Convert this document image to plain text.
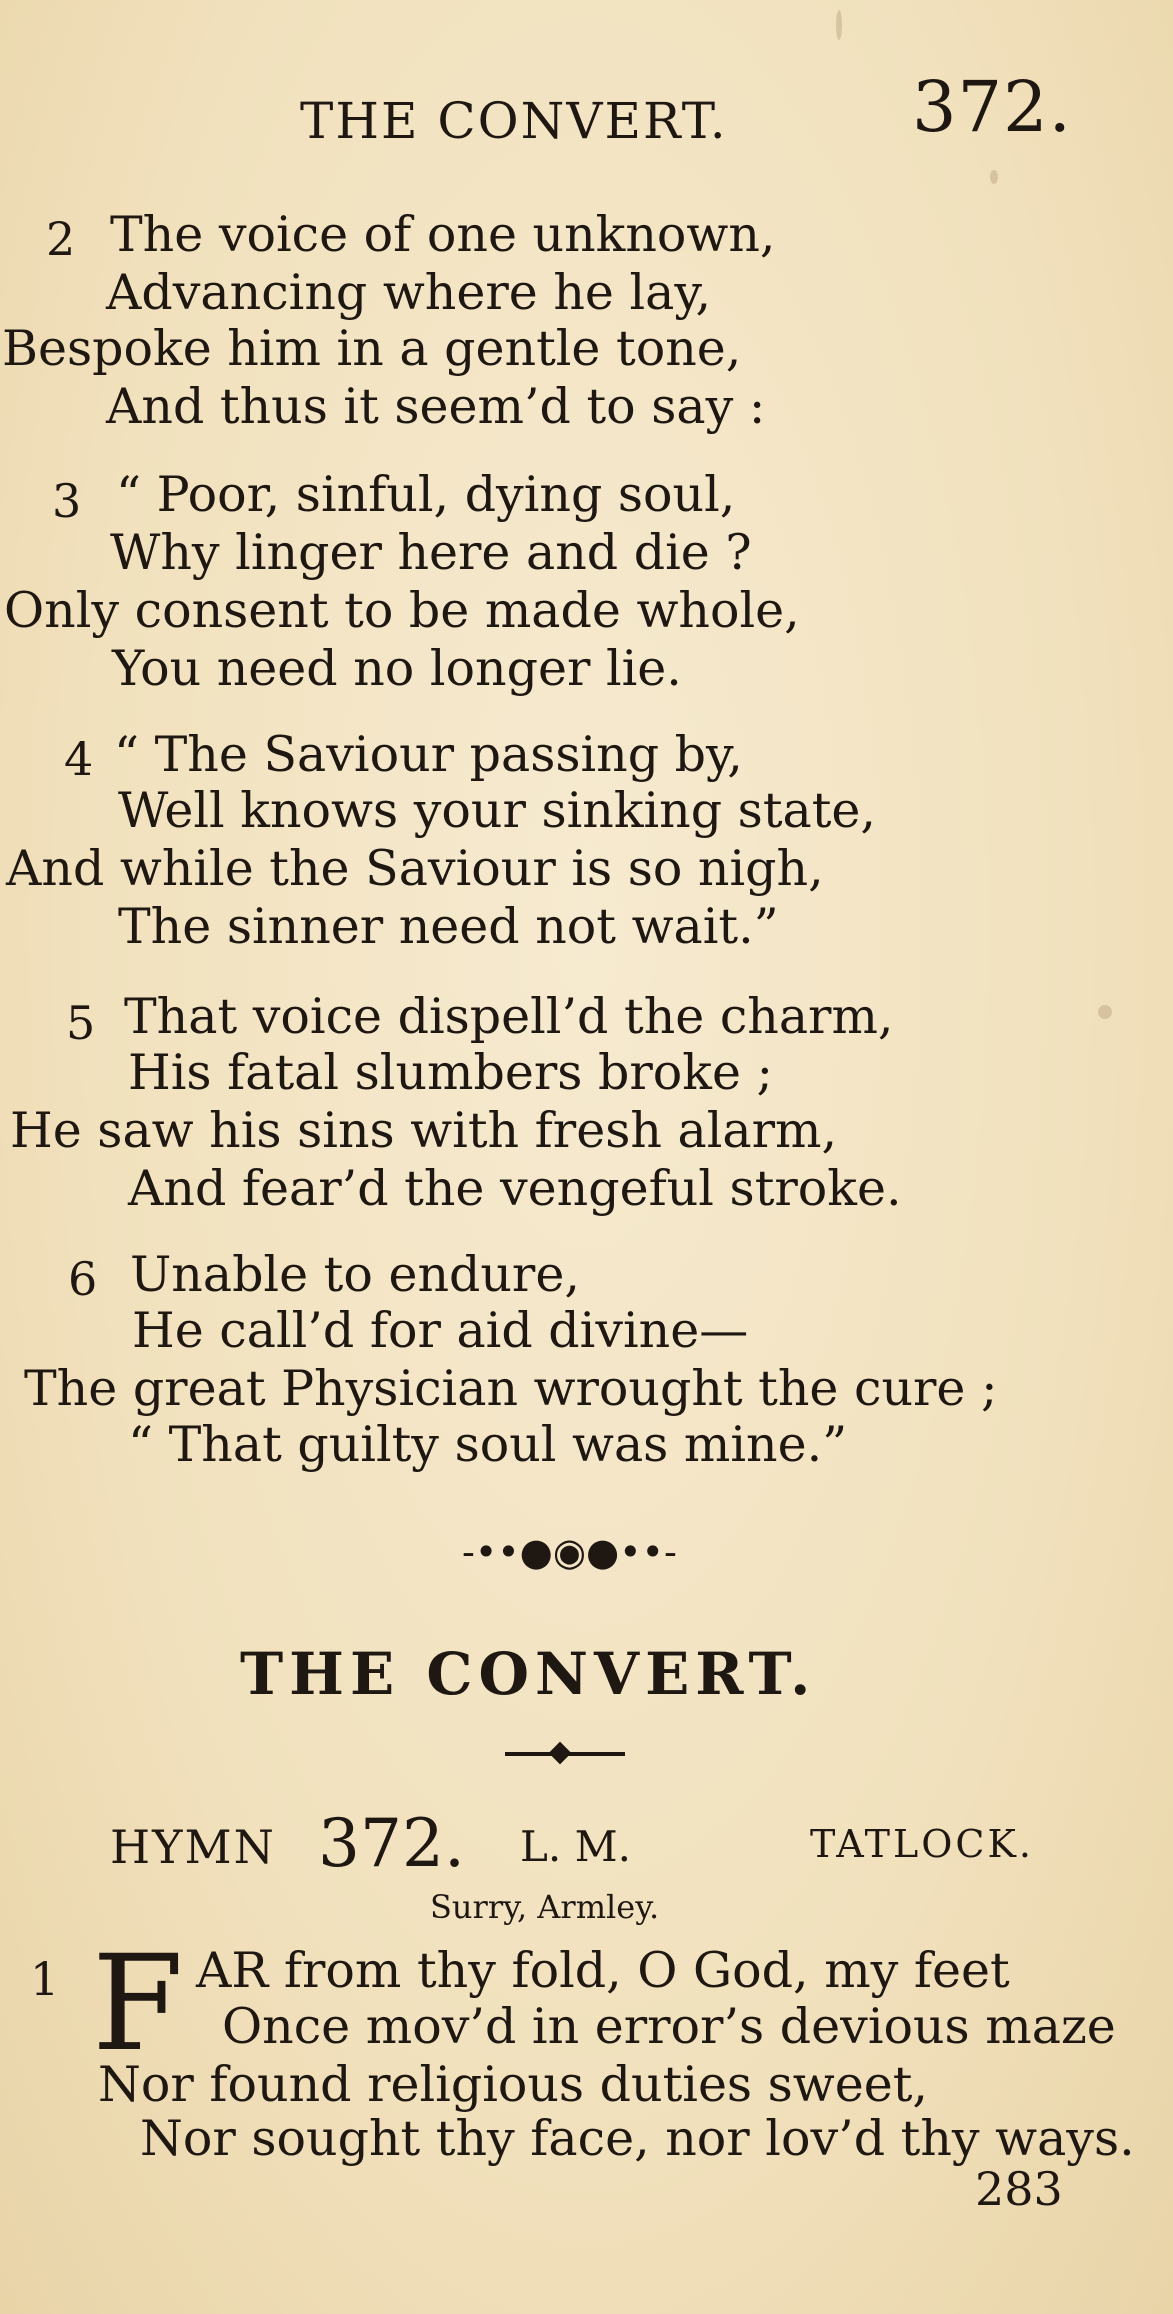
THE CONVERT.	372.
2 The voice of one unknown,
Advancing where he lay,
Bespoke him in a gentle tone,
And thus it seem’d to say :
3 “ Poor, sinful, dying soul,
Why linger here and die ?
Only consent to be made whole,
You need no longer lie.
4 “ The Saviour passing by,
Well knows your sinking state,
And while the Saviour is so nigh,
The sinner need not wait.”
5 That voice dispell’d the charm,
His fatal slumbers broke ;
He saw his sins with fresh alarm,
And fear’d the vengeful stroke.
6 Unable to endure,
He call’d for aid divine—
The great Physician wrought the cure ;
“ That guilty soul was mine.”
-••●◉●••-
THE CONVERT.
HYMN 372. L. M.	TATLOCK.
Surry, Armley.
1 F AR from thy fold, O God, my feet
Once mov’d in error’s devious maze
Nor found religious duties sweet,
Nor sought thy face, nor lov’d thy ways.
283
